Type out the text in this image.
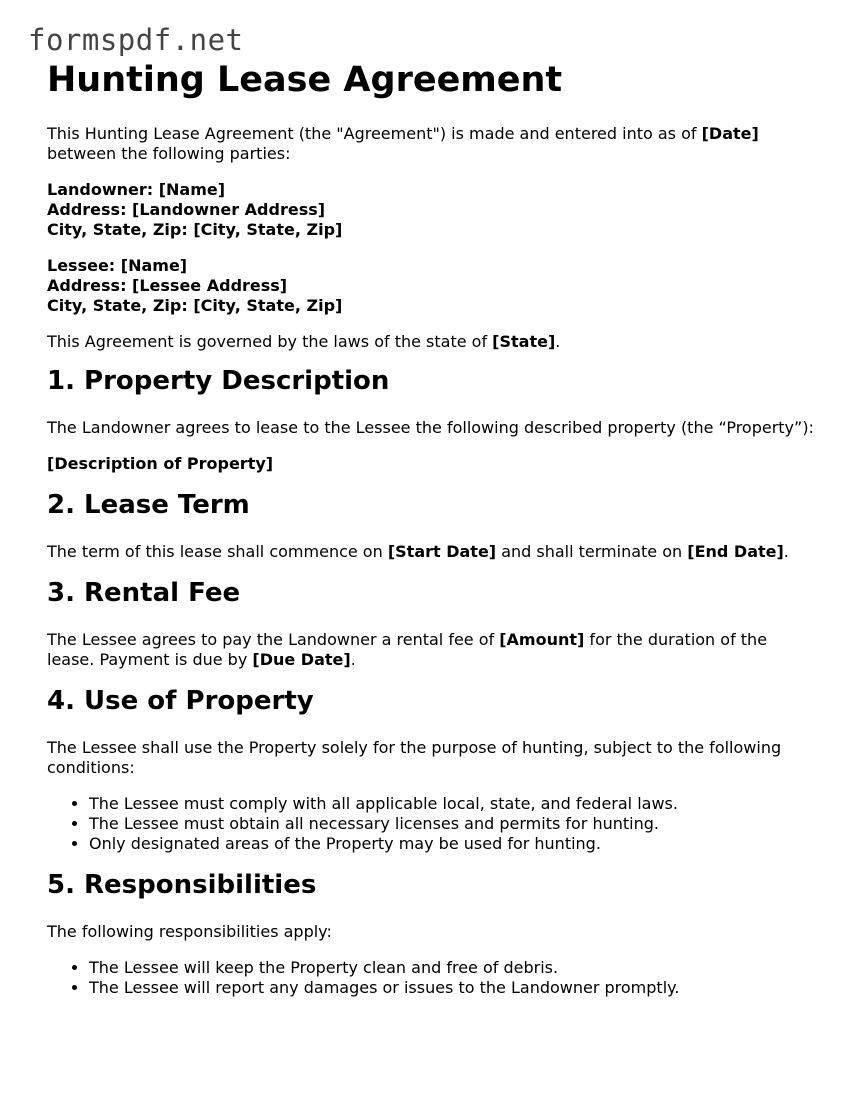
formspdf.net
Hunting Lease Agreement

This Hunting Lease Agreement (the "Agreement") is made and entered into as of [Date] between the following parties:

Landowner: [Name]
Address: [Landowner Address]
City, State, Zip: [City, State, Zip]
Lessee: [Name]
Address: [Lessee Address]
City, State, Zip: [City, State, Zip]

This Agreement is governed by the laws of the state of [State].

1. Property Description

The Landowner agrees to lease to the Lessee the following described property (the “Property”):

[Description of Property]

2. Lease Term

The term of this lease shall commence on [Start Date] and shall terminate on [End Date].

3. Rental Fee

The Lessee agrees to pay the Landowner a rental fee of [Amount] for the duration of the lease. Payment is due by [Due Date].

4. Use of Property

The Lessee shall use the Property solely for the purpose of hunting, subject to the following conditions:

• The Lessee must comply with all applicable local, state, and federal laws.
• The Lessee must obtain all necessary licenses and permits for hunting.
• Only designated areas of the Property may be used for hunting.
5. Responsibilities

The following responsibilities apply:

• The Lessee will keep the Property clean and free of debris.
• The Lessee will report any damages or issues to the Landowner promptly.
